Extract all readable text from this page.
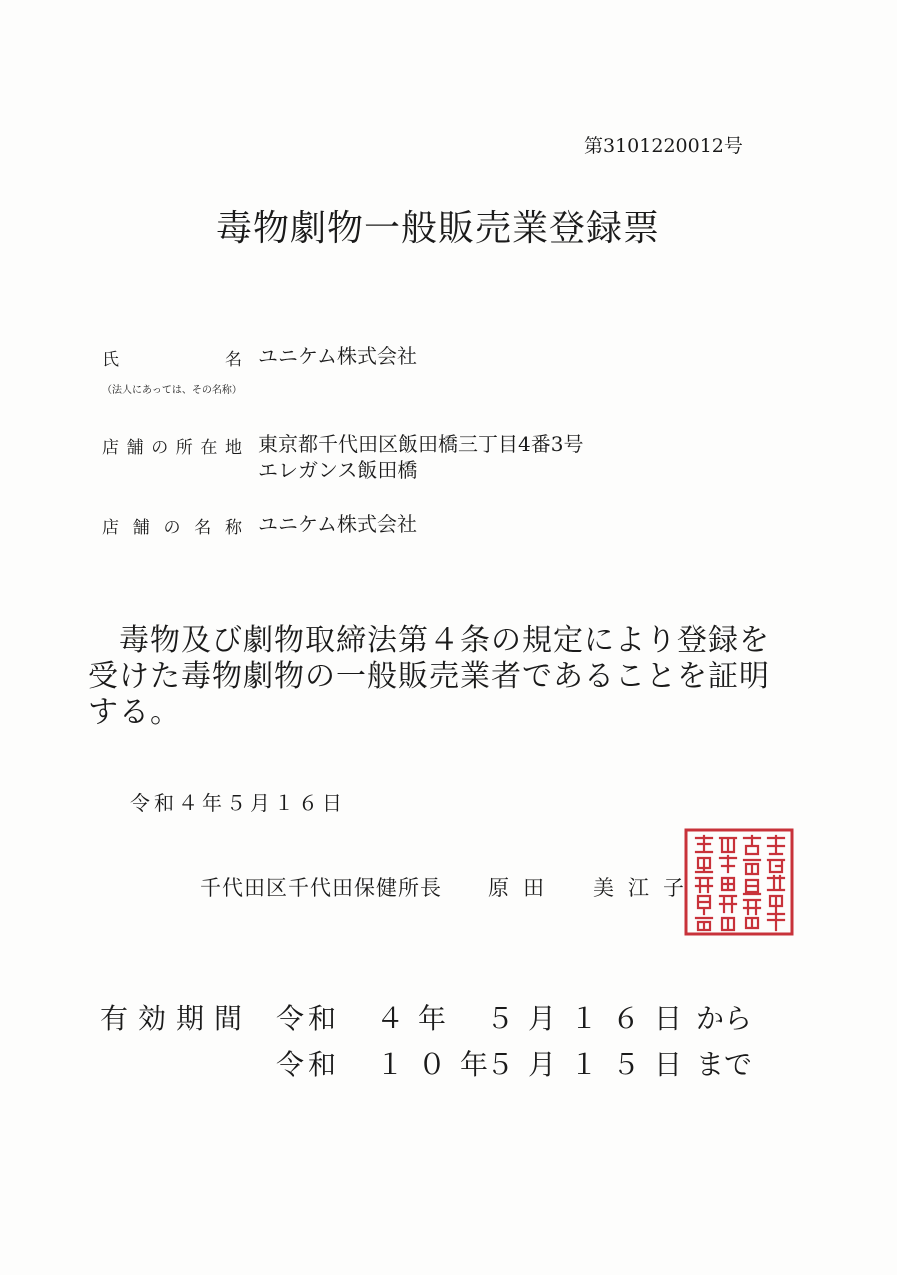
第3101220012号
毒物劇物一般販売業登録票
氏	名 ユニケム株式会社
（法人にあっては、その名称）
店 舗 の 所 在 地 東京都千代田区飯田橋三丁目4番3号
エレガンス飯田橋
店 舗 の 名 称 ユニケム株式会社
　毒物及び劇物取締法第４条の規定により登録を
受けた毒物劇物の一般販売業者であることを証明
する。
令和４年５月１６日
千代田区千代田保健所長 原田　美江子
有効期間 令和 ４年 ５月１６日から
令和 １０年５月１５日まで
